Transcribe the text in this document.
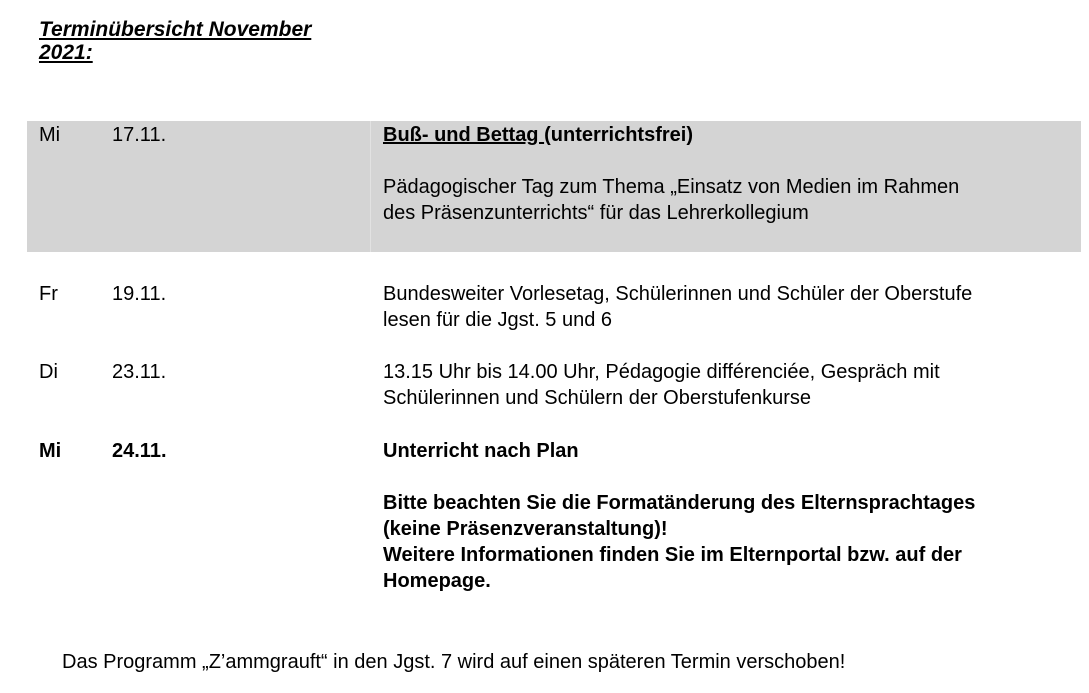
Terminübersicht November
2021:
Mi	17.11.	Buß- und Bettag (unterrichtsfrei)
Pädagogischer Tag zum Thema „Einsatz von Medien im Rahmen
des Präsenzunterrichts“ für das Lehrerkollegium
Fr	19.11.	Bundesweiter Vorlesetag, Schülerinnen und Schüler der Oberstufe
lesen für die Jgst. 5 und 6
Di	23.11.	13.15 Uhr bis 14.00 Uhr, Pédagogie différenciée, Gespräch mit
Schülerinnen und Schülern der Oberstufenkurse
Mi	24.11.	Unterricht nach Plan
Bitte beachten Sie die Formatänderung des Elternsprachtages
(keine Präsenzveranstaltung)!
Weitere Informationen finden Sie im Elternportal bzw. auf der
Homepage.
Das Programm „Z’ammgrauft“ in den Jgst. 7 wird auf einen späteren Termin verschoben!
